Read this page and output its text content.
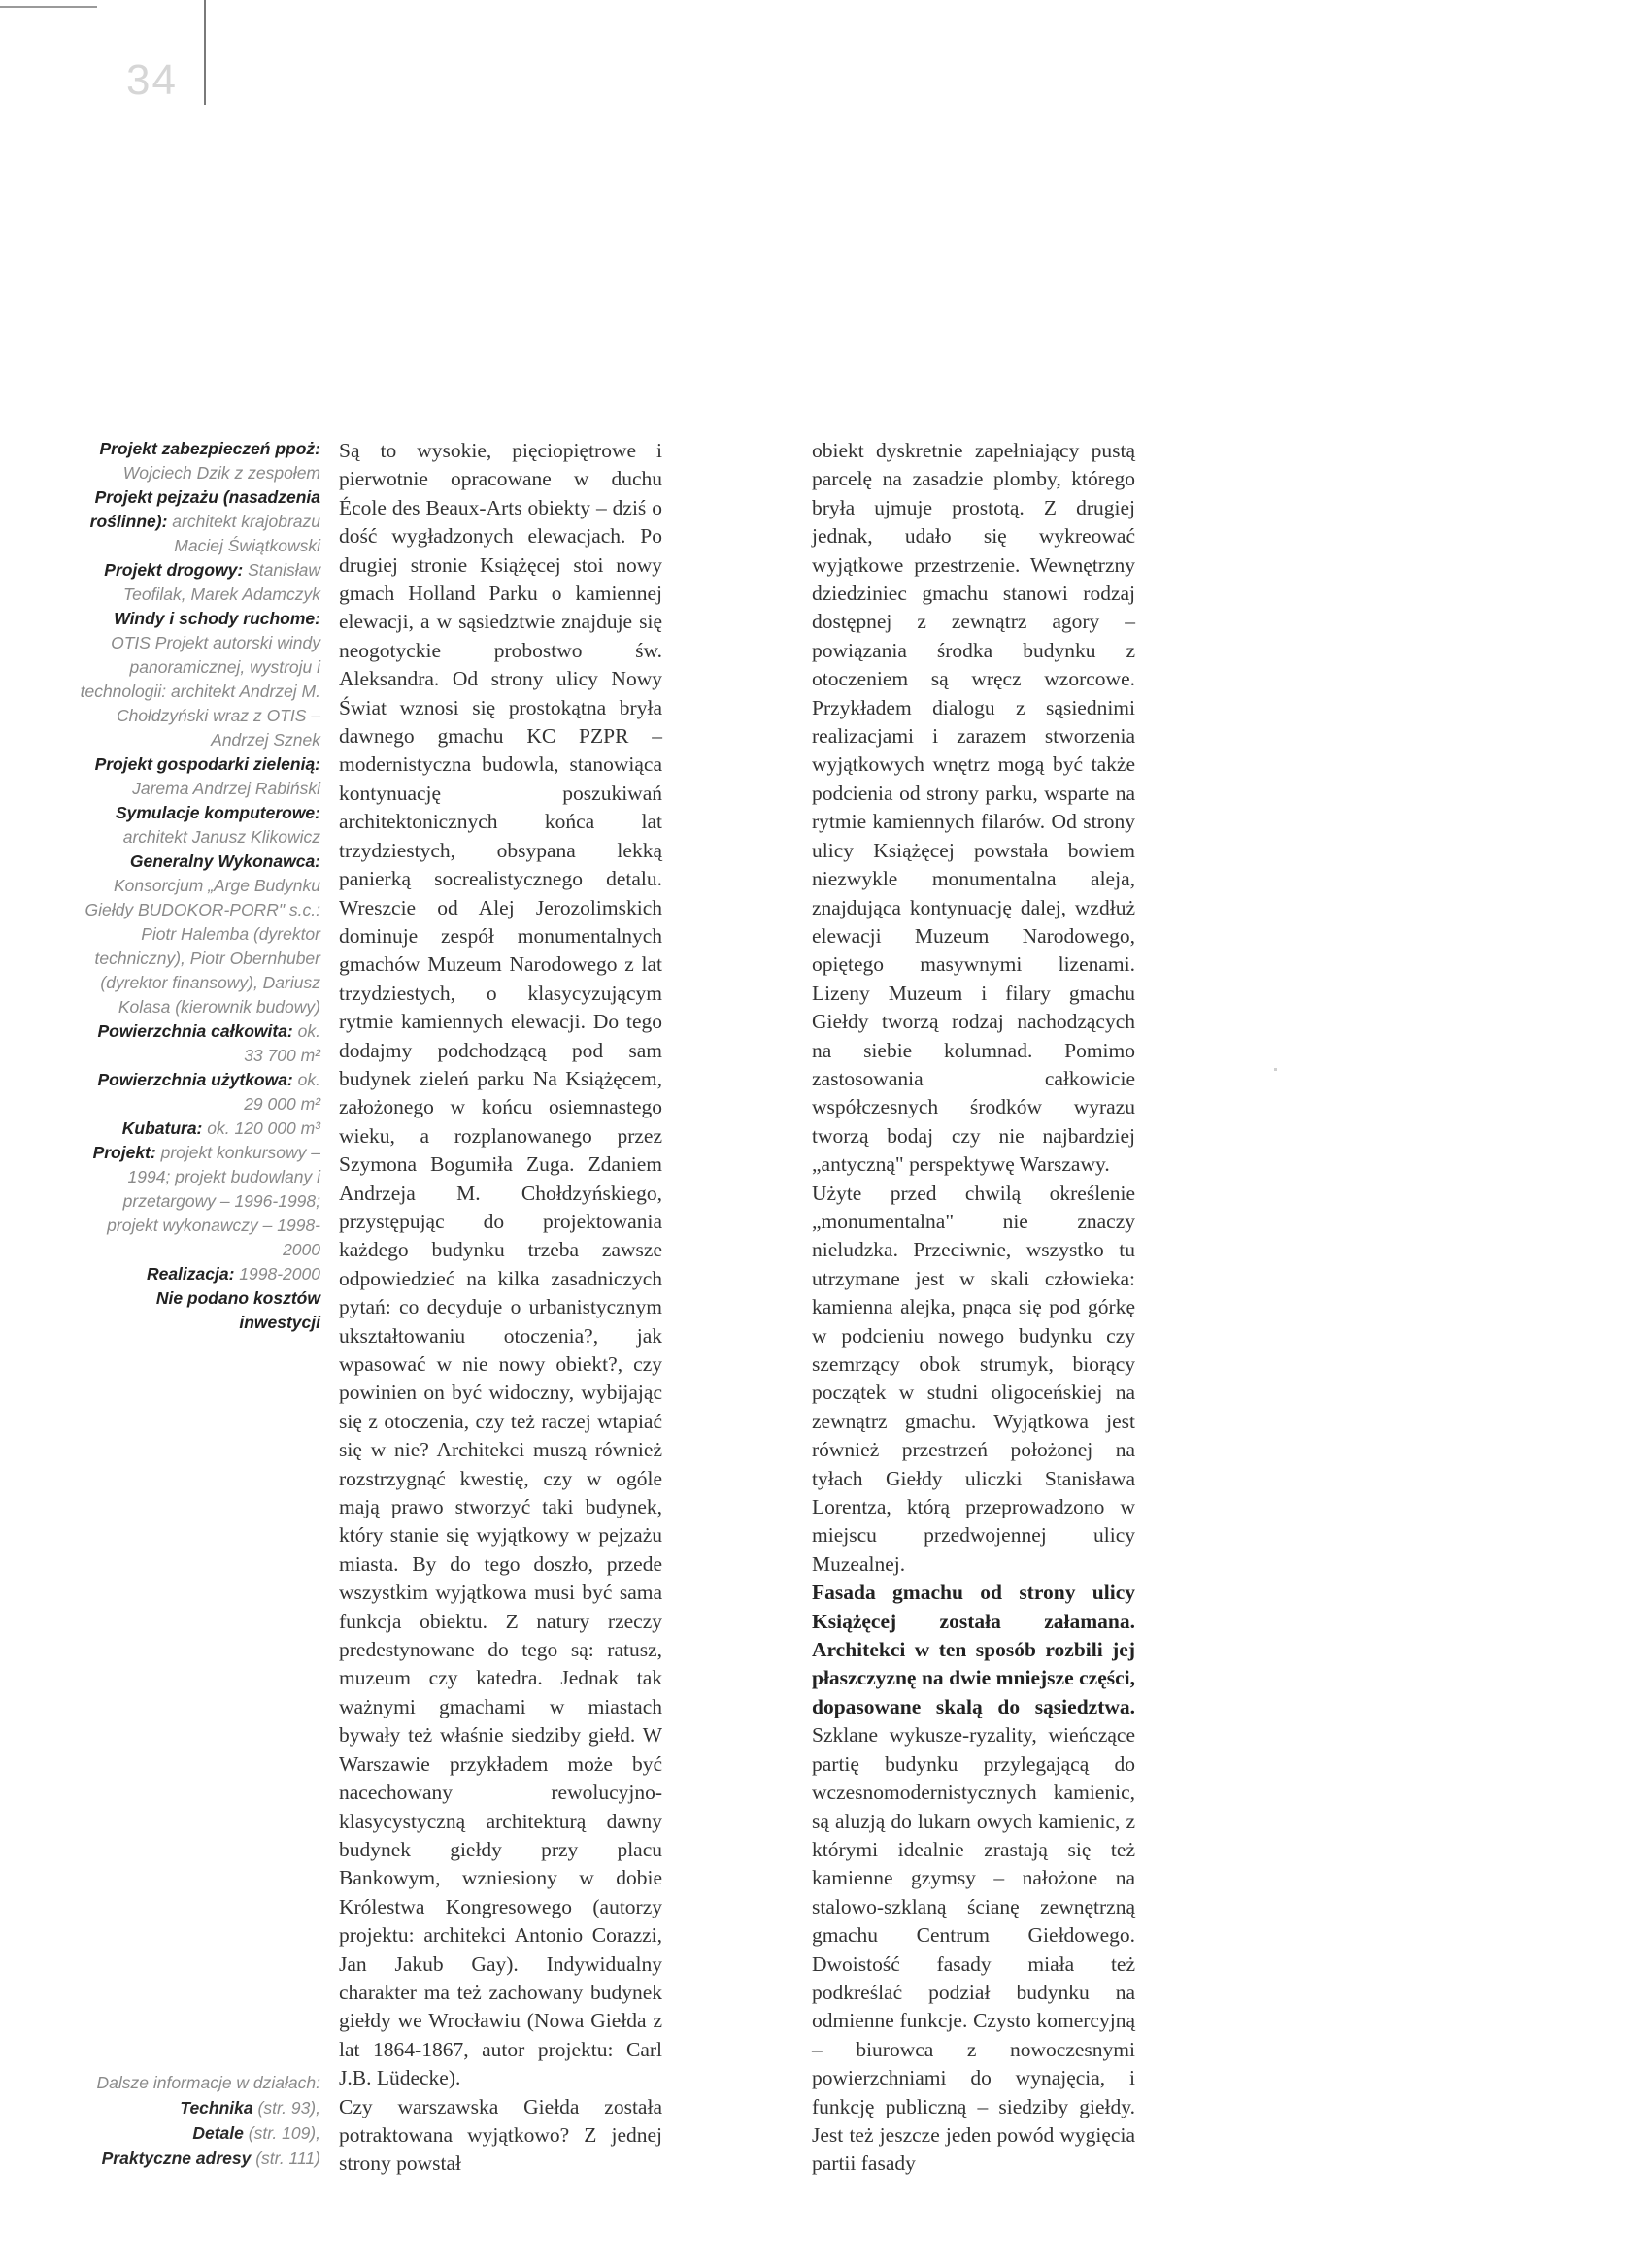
34

Projekt zabezpieczeń ppoż: Wojciech Dzik z zespołem

Projekt pejzażu (nasadzenia roślinne): architekt krajobrazu Maciej Świątkowski

Projekt drogowy: Stanisław Teofilak, Marek Adamczyk

Windy i schody ruchome: OTIS Projekt autorski windy panoramicznej, wystroju i technologii: architekt Andrzej M. Chołdzyński wraz z OTIS – Andrzej Sznek

Projekt gospodarki zielenią: Jarema Andrzej Rabiński

Symulacje komputerowe: architekt Janusz Klikowicz

Generalny Wykonawca: Konsorcjum „Arge Budynku Giełdy BUDOKOR-PORR" s.c.: Piotr Halemba (dyrektor techniczny), Piotr Obernhuber (dyrektor finansowy), Dariusz Kolasa (kierownik budowy)

Powierzchnia całkowita: ok. 33 700 m²

Powierzchnia użytkowa: ok. 29 000 m²

Kubatura: ok. 120 000 m³

Projekt: projekt konkursowy – 1994; projekt budowlany i przetargowy – 1996-1998; projekt wykonawczy – 1998-2000

Realizacja: 1998-2000

Nie podano kosztów inwestycji

Dalsze informacje w działach:
Technika (str. 93),
Detale (str. 109),
Praktyczne adresy (str. 111)

Są to wysokie, pięciopiętrowe i pierwotnie opracowane w duchu École des Beaux-Arts obiekty – dziś o dość wygładzonych elewacjach. Po drugiej stronie Książęcej stoi nowy gmach Holland Parku o kamiennej elewacji, a w sąsiedztwie znajduje się neogotyckie probostwo św. Aleksandra. Od strony ulicy Nowy Świat wznosi się prostokątna bryła dawnego gmachu KC PZPR – modernistyczna budowla, stanowiąca kontynuację poszukiwań architektonicznych końca lat trzydziestych, obsypana lekką panierką socrealistycznego detalu. Wreszcie od Alej Jerozolimskich dominuje zespół monumentalnych gmachów Muzeum Narodowego z lat trzydziestych, o klasycyzującym rytmie kamiennych elewacji. Do tego dodajmy podchodzącą pod sam budynek zieleń parku Na Książęcem, założonego w końcu osiemnastego wieku, a rozplanowanego przez Szymona Bogumiła Zuga. Zdaniem Andrzeja M. Chołdzyńskiego, przystępując do projektowania każdego budynku trzeba zawsze odpowiedzieć na kilka zasadniczych pytań: co decyduje o urbanistycznym ukształtowaniu otoczenia?, jak wpasować w nie nowy obiekt?, czy powinien on być widoczny, wybijając się z otoczenia, czy też raczej wtapiać się w nie? Architekci muszą również rozstrzygnąć kwestię, czy w ogóle mają prawo stworzyć taki budynek, który stanie się wyjątkowy w pejzażu miasta. By do tego doszło, przede wszystkim wyjątkowa musi być sama funkcja obiektu. Z natury rzeczy predestynowane do tego są: ratusz, muzeum czy katedra. Jednak tak ważnymi gmachami w miastach bywały też właśnie siedziby giełd. W Warszawie przykładem może być nacechowany rewolucyjno-klasycystyczną architekturą dawny budynek giełdy przy placu Bankowym, wzniesiony w dobie Królestwa Kongresowego (autorzy projektu: architekci Antonio Corazzi, Jan Jakub Gay). Indywidualny charakter ma też zachowany budynek giełdy we Wrocławiu (Nowa Giełda z lat 1864-1867, autor projektu: Carl J.B. Lüdecke).

Czy warszawska Giełda została potraktowana wyjątkowo? Z jednej strony powstał

obiekt dyskretnie zapełniający pustą parcelę na zasadzie plomby, którego bryła ujmuje prostotą. Z drugiej jednak, udało się wykreować wyjątkowe przestrzenie. Wewnętrzny dziedziniec gmachu stanowi rodzaj dostępnej z zewnątrz agory – powiązania środka budynku z otoczeniem są wręcz wzorcowe. Przykładem dialogu z sąsiednimi realizacjami i zarazem stworzenia wyjątkowych wnętrz mogą być także podcienia od strony parku, wsparte na rytmie kamiennych filarów. Od strony ulicy Książęcej powstała bowiem niezwykle monumentalna aleja, znajdująca kontynuację dalej, wzdłuż elewacji Muzeum Narodowego, opiętego masywnymi lizenami. Lizeny Muzeum i filary gmachu Giełdy tworzą rodzaj nachodzących na siebie kolumnad. Pomimo zastosowania całkowicie współczesnych środków wyrazu tworzą bodaj czy nie najbardziej „antyczną" perspektywę Warszawy.

Użyte przed chwilą określenie „monumentalna" nie znaczy nieludzka. Przeciwnie, wszystko tu utrzymane jest w skali człowieka: kamienna alejka, pnąca się pod górkę w podcieniu nowego budynku czy szemrzący obok strumyk, biorący początek w studni oligoceńskiej na zewnątrz gmachu. Wyjątkowa jest również przestrzeń położonej na tyłach Giełdy uliczki Stanisława Lorentza, którą przeprowadzono w miejscu przedwojennej ulicy Muzealnej.

Fasada gmachu od strony ulicy Książęcej została załamana. Architekci w ten sposób rozbili jej płaszczyznę na dwie mniejsze części, dopasowane skalą do sąsiedztwa. Szklane wykusze-ryzality, wieńczące partię budynku przylegającą do wczesnomodernistycznych kamienic, są aluzją do lukarn owych kamienic, z którymi idealnie zrastają się też kamienne gzymsy – nałożone na stalowo-szklaną ścianę zewnętrzną gmachu Centrum Giełdowego. Dwoistość fasady miała też podkreślać podział budynku na odmienne funkcje. Czysto komercyjną – biurowca z nowoczesnymi powierzchniami do wynajęcia, i funkcję publiczną – siedziby giełdy. Jest też jeszcze jeden powód wygięcia partii fasady
